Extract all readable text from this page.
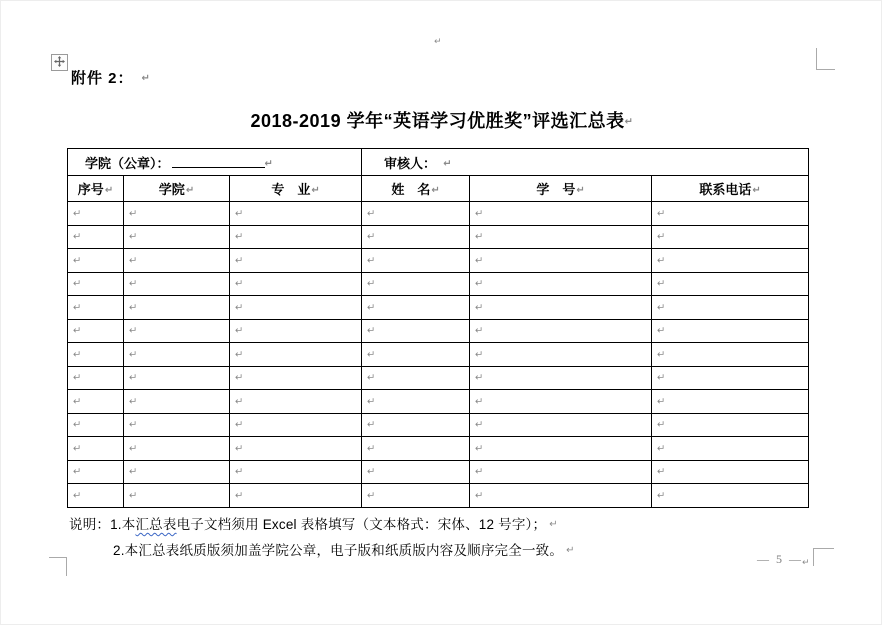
↵
附件 2： ↵
2018-2019 学年“英语学习优胜奖”评选汇总表↵
学院（公章）： ↵			审核人： ↵		
序号↵	学院↵	专　业↵	姓　名↵	学　号↵	联系电话↵
↵	↵	↵	↵	↵	↵
↵	↵	↵	↵	↵	↵
↵	↵	↵	↵	↵	↵
↵	↵	↵	↵	↵	↵
↵	↵	↵	↵	↵	↵
↵	↵	↵	↵	↵	↵
↵	↵	↵	↵	↵	↵
↵	↵	↵	↵	↵	↵
↵	↵	↵	↵	↵	↵
↵	↵	↵	↵	↵	↵
↵	↵	↵	↵	↵	↵
↵	↵	↵	↵	↵	↵
↵	↵	↵	↵	↵	↵
说明：1.本汇总表电子文档须用 Excel 表格填写（文本格式：宋体、12 号字）； ↵
2.本汇总表纸质版须加盖学院公章，电子版和纸质版内容及顺序完全一致。 ↵
— 5 — ↵
